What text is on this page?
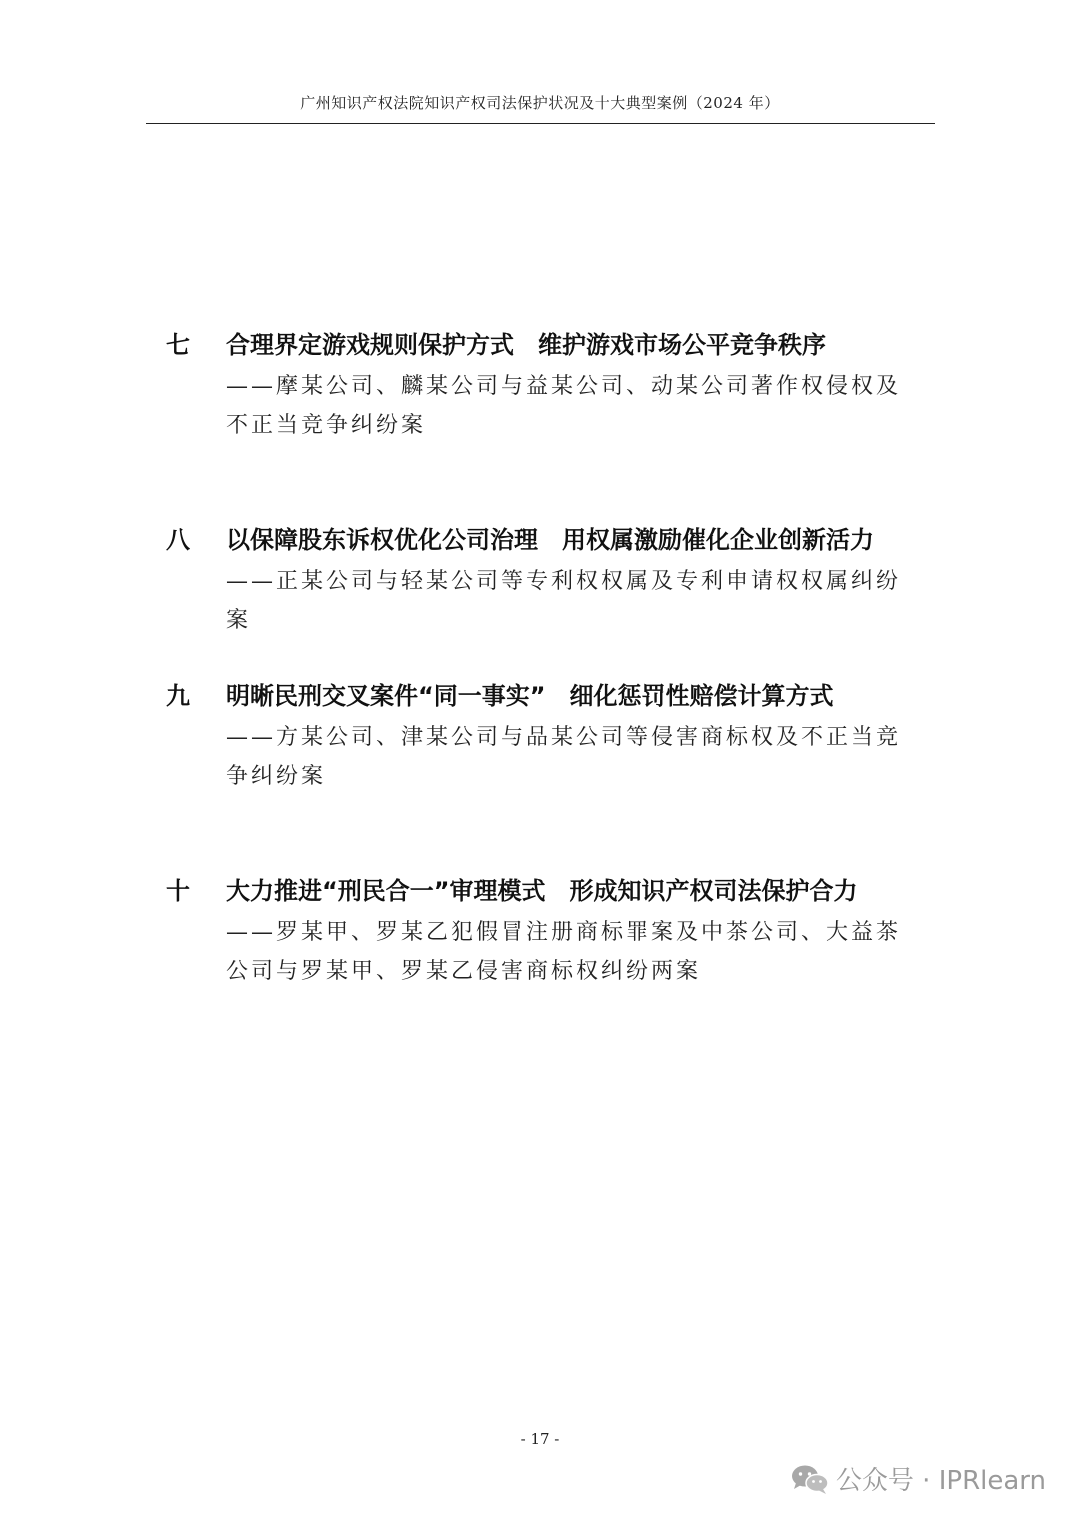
广州知识产权法院知识产权司法保护状况及十大典型案例（2024 年）
七	合理界定游戏规则保护方式　维护游戏市场公平竞争秩序
——摩某公司、麟某公司与益某公司、动某公司著作权侵权及不正当竞争纠纷案
八	以保障股东诉权优化公司治理　用权属激励催化企业创新活力
——正某公司与轻某公司等专利权权属及专利申请权权属纠纷案
九	明晰民刑交叉案件“同一事实”　细化惩罚性赔偿计算方式
——方某公司、津某公司与品某公司等侵害商标权及不正当竞争纠纷案
十	大力推进“刑民合一”审理模式　形成知识产权司法保护合力
——罗某甲、罗某乙犯假冒注册商标罪案及中茶公司、大益茶公司与罗某甲、罗某乙侵害商标权纠纷两案
- 17 -
公众号 · IPRlearn
